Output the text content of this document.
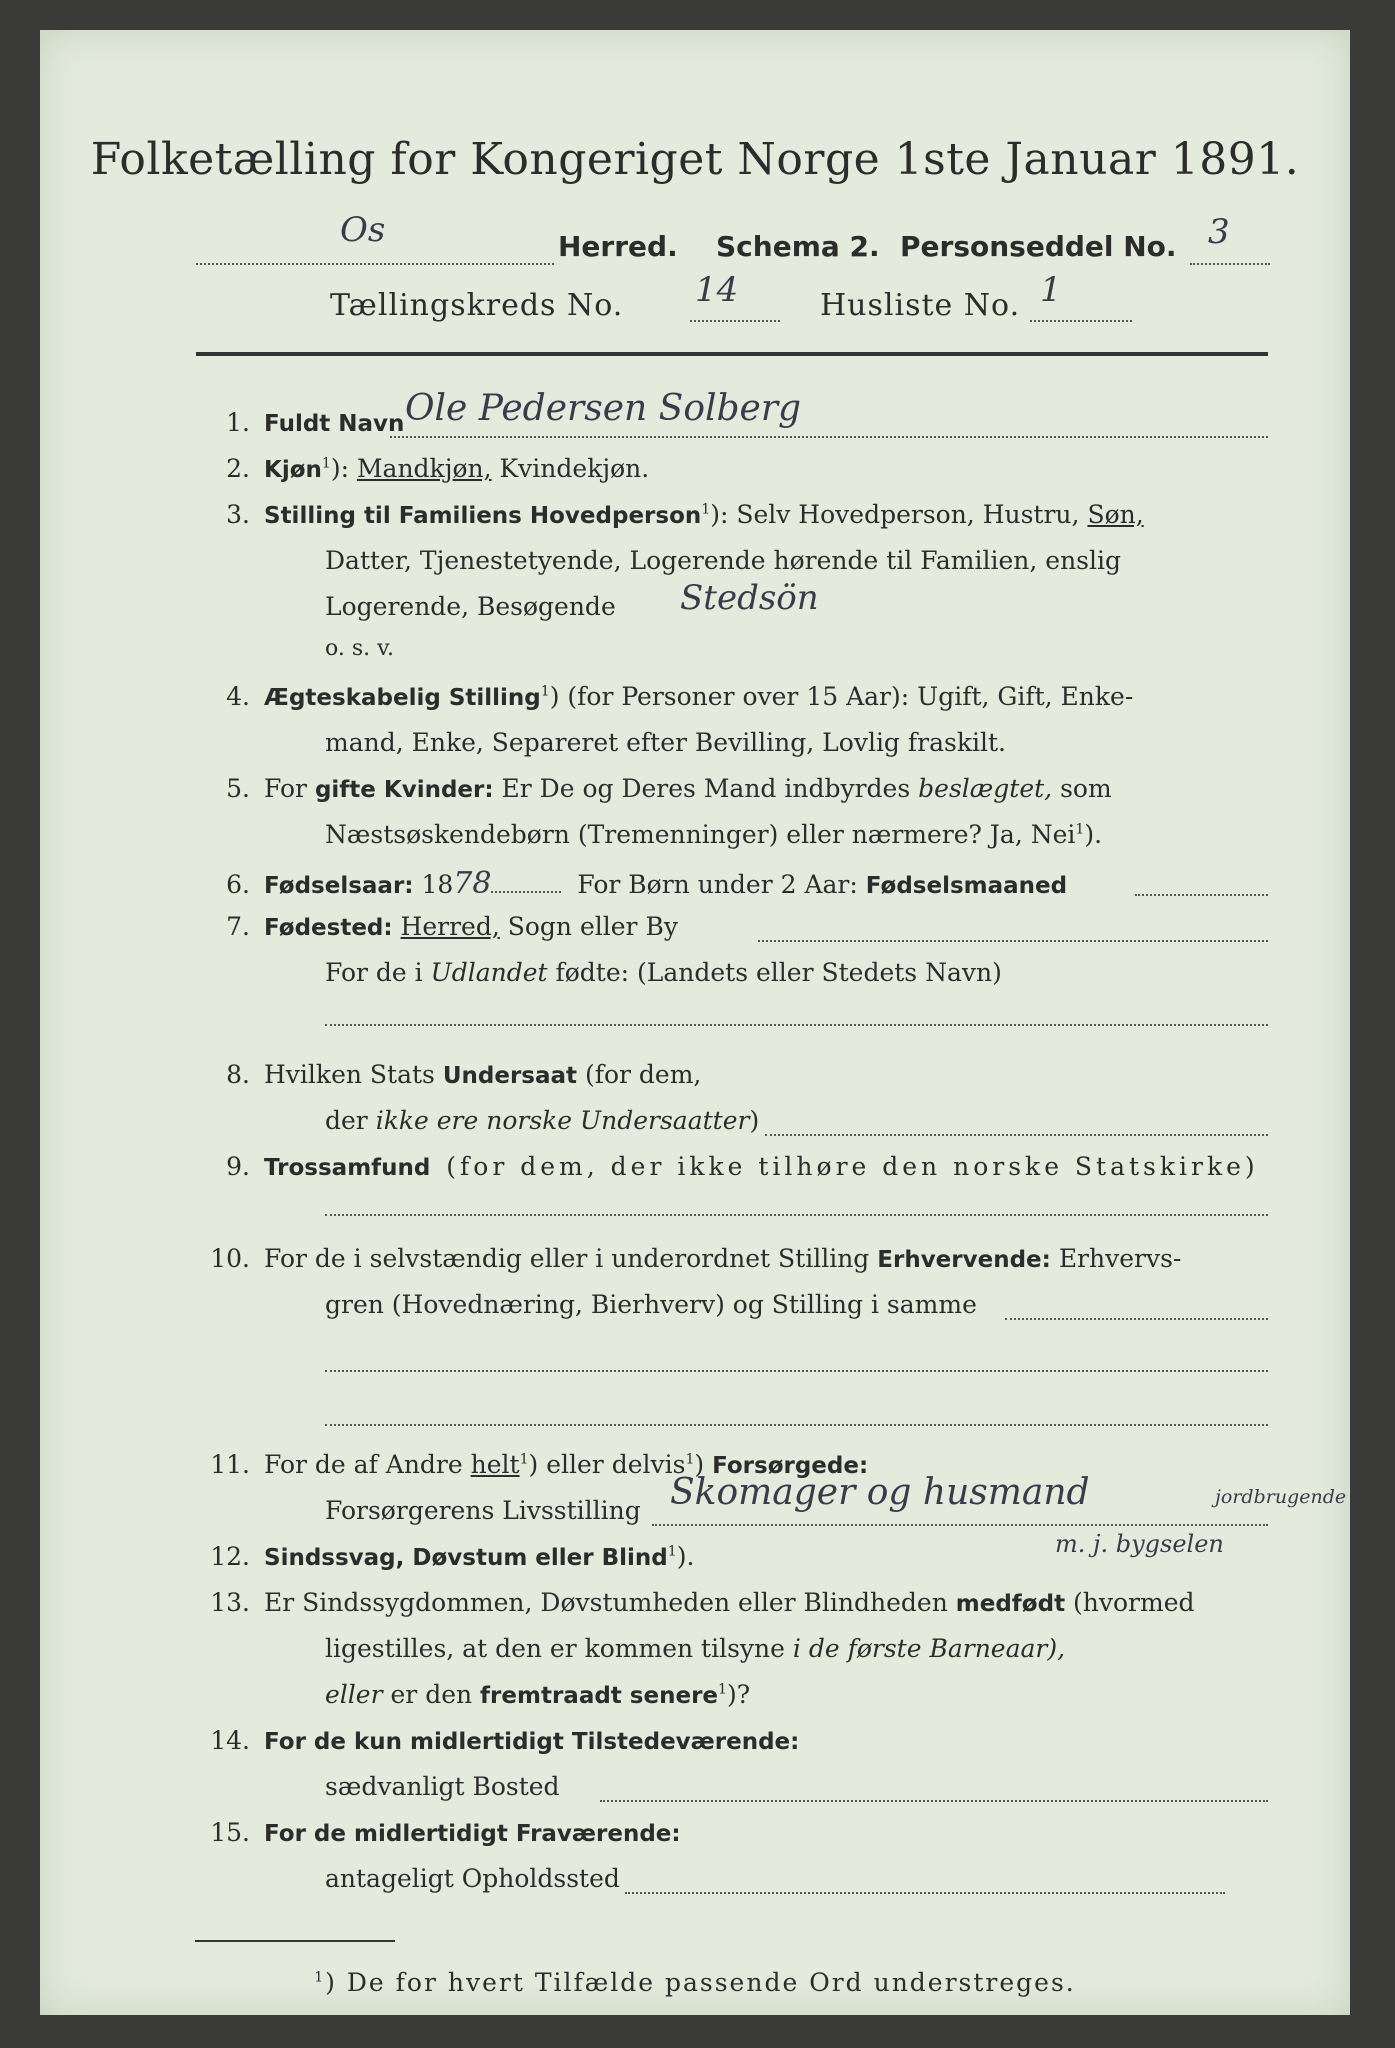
Folketælling for Kongeriget Norge 1ste Januar 1891.
Os	Herred. Schema 2. Personseddel No. 3
Tællingskreds No. 14	Husliste No. 1
1. Fuldt Navn Ole Pedersen Solberg
2. Kjøn$^1$): Mandkjøn, Kvindekjøn.
3. Stilling til Familiens Hovedperson$^1$): Selv Hovedperson, Hustru, Søn,
Datter, Tjenestetyende, Logerende hørende til Familien, enslig
Logerende, Besøgende Stedsön
o. s. v.
4. Ægteskabelig Stilling$^1$) (for Personer over 15 Aar): Ugift, Gift, Enke-
mand, Enke, Separeret efter Bevilling, Lovlig fraskilt.
5. For gifte Kvinder: Er De og Deres Mand indbyrdes beslægtet, som
Næstsøskendebørn (Tremenninger) eller nærmere? Ja, Nei$^1$).
6. Fødselsaar: 1878	For Børn under 2 Aar: Fødselsmaaned
7. Fødested: Herred, Sogn eller By
For de i Udlandet fødte: (Landets eller Stedets Navn)
8. Hvilken Stats Undersaat (for dem,
der ikke ere norske Undersaatter)
9. Trossamfund (for dem, der ikke tilhøre den norske Statskirke)
10. For de i selvstændig eller i underordnet Stilling Erhvervende: Erhvervs-
gren (Hovednæring, Bierhverv) og Stilling i samme
11. For de af Andre helt$^1$) eller delvis$^1$) Forsørgede:
Forsørgerens Livsstilling Skomager og husmand	jordbrugende
m. j. bygselen
12. Sindssvag, Døvstum eller Blind$^1$).
13. Er Sindssygdommen, Døvstumheden eller Blindheden medfødt (hvormed
ligestilles, at den er kommen tilsyne i de første Barneaar),
eller er den fremtraadt senere$^1$)?
14. For de kun midlertidigt Tilstedeværende:
sædvanligt Bosted
15. For de midlertidigt Fraværende:
antageligt Opholdssted
$^1$) De for hvert Tilfælde passende Ord understreges.
